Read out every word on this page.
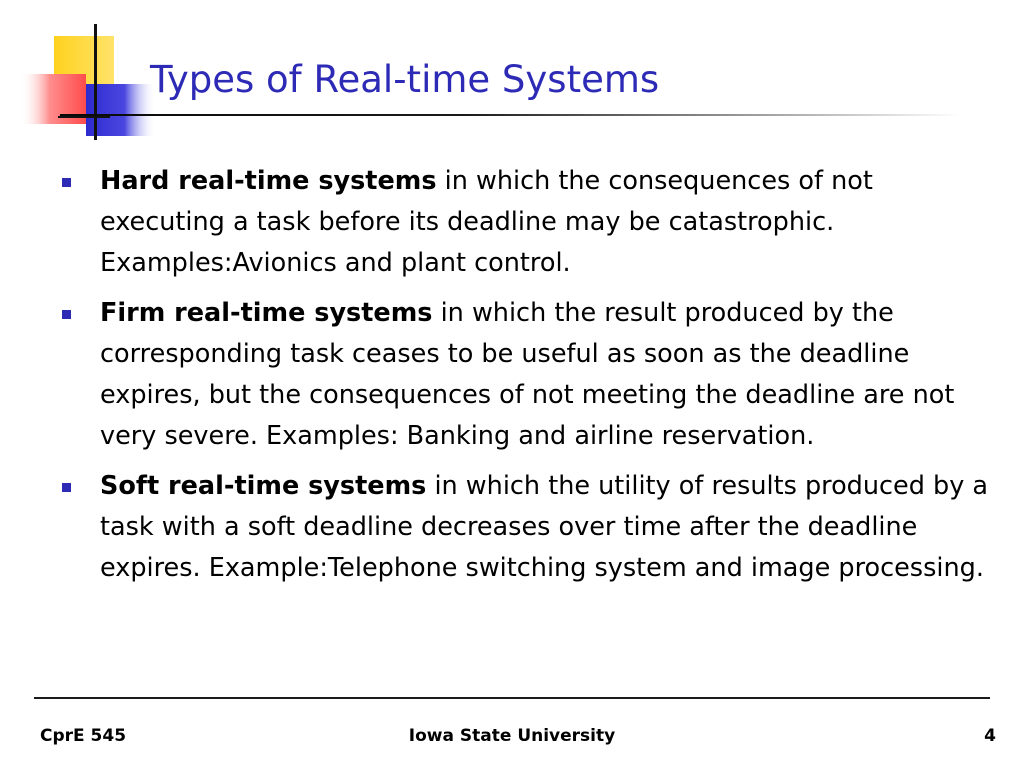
Types of Real-time Systems
Hard real-time systems in which the consequences of not executing a task before its deadline may be catastrophic. Examples:Avionics and plant control.
Firm real-time systems in which the result produced by the corresponding task ceases to be useful as soon as the deadline expires, but the consequences of not meeting the deadline are not very severe. Examples: Banking and airline reservation.
Soft real-time systems in which the utility of results produced by a task with a soft deadline decreases over time after the deadline expires. Example:Telephone switching system and image processing.
CprE 545	Iowa State University	4
